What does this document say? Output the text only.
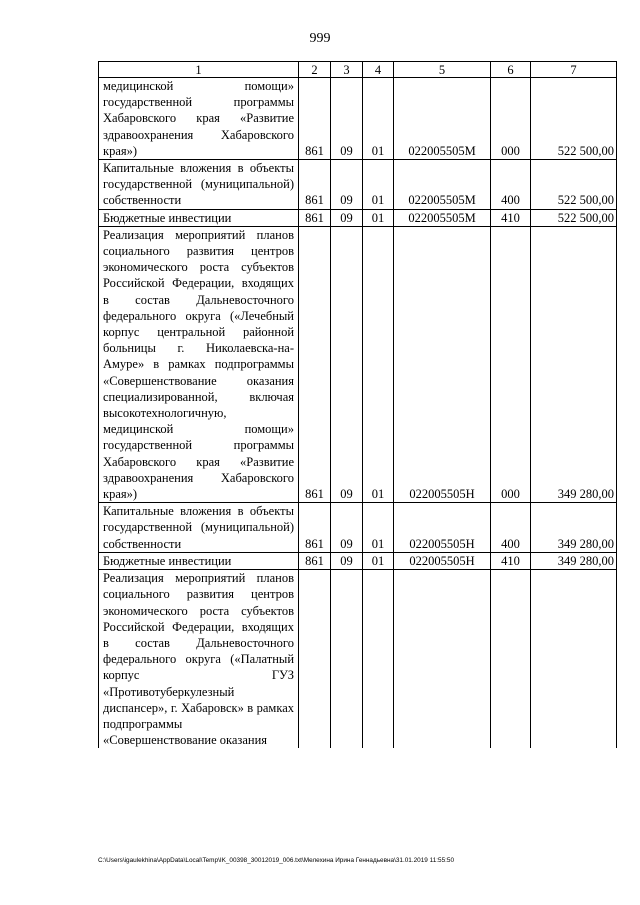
999
1	2	3	4	5	6	7
медицинской помощи» государственной программы Хабаровского края «Развитие здравоохранения Хабаровского края»)	861	09	01	022005505M	000	522 500,00
Капитальные вложения в объекты государственной (муниципальной) собственности	861	09	01	022005505M	400	522 500,00
Бюджетные инвестиции	861	09	01	022005505M	410	522 500,00
Реализация мероприятий планов социального развития центров экономического роста субъектов Российской Федерации, входящих в состав Дальневосточного федерального округа («Лечебный корпус центральной районной больницы г. Николаевска-на- Амуре» в рамках подпрограммы «Совершенствование оказания специализированной, включая высокотехнологичную, медицинской помощи» государственной программы Хабаровского края «Развитие здравоохранения Хабаровского края»)	861	09	01	022005505H	000	349 280,00
Капитальные вложения в объекты государственной (муниципальной) собственности	861	09	01	022005505H	400	349 280,00
Бюджетные инвестиции	861	09	01	022005505H	410	349 280,00
Реализация мероприятий планов социального развития центров экономического роста субъектов Российской Федерации, входящих в состав Дальневосточного федерального округа («Палатный корпус ГУЗ «Противотуберкулезный диспансер», г. Хабаровск» в рамках подпрограммы «Совершенствование оказания						
C:\Users\igaulekhina\AppData\Local\Temp\IK_00398_30012019_006.txt\Мелехина Ирина Геннадьевна\31.01.2019 11:55:50
